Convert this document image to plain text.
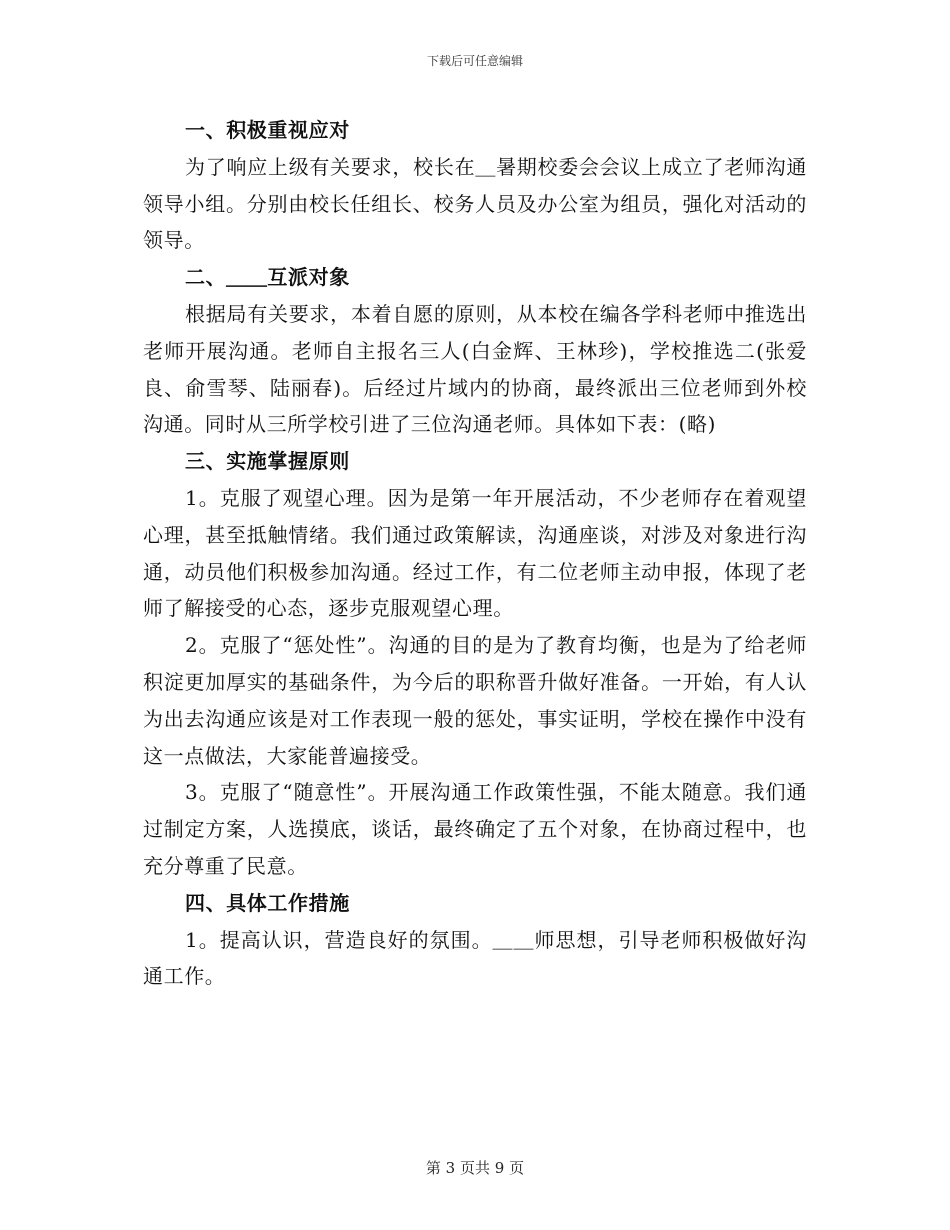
下载后可任意编辑

一、积极重视应对

为了响应上级有关要求，校长在＿暑期校委会会议上成立了老师沟通领导小组。分别由校长任组长、校务人员及办公室为组员，强化对活动的领导。

二、＿＿互派对象

根据局有关要求，本着自愿的原则，从本校在编各学科老师中推选出老师开展沟通。老师自主报名三人(白金辉、王林珍)，学校推选二(张爱良、俞雪琴、陆丽春)。后经过片域内的协商，最终派出三位老师到外校沟通。同时从三所学校引进了三位沟通老师。具体如下表：(略)

三、实施掌握原则

1。克服了观望心理。因为是第一年开展活动，不少老师存在着观望心理，甚至抵触情绪。我们通过政策解读，沟通座谈，对涉及对象进行沟通，动员他们积极参加沟通。经过工作，有二位老师主动申报，体现了老师了解接受的心态，逐步克服观望心理。

2。克服了“惩处性”。沟通的目的是为了教育均衡，也是为了给老师积淀更加厚实的基础条件，为今后的职称晋升做好准备。一开始，有人认为出去沟通应该是对工作表现一般的惩处，事实证明，学校在操作中没有这一点做法，大家能普遍接受。

3。克服了“随意性”。开展沟通工作政策性强，不能太随意。我们通过制定方案，人选摸底，谈话，最终确定了五个对象，在协商过程中，也充分尊重了民意。

四、具体工作措施

1。提高认识，营造良好的氛围。＿＿师思想，引导老师积极做好沟通工作。

第 3 页共 9 页
